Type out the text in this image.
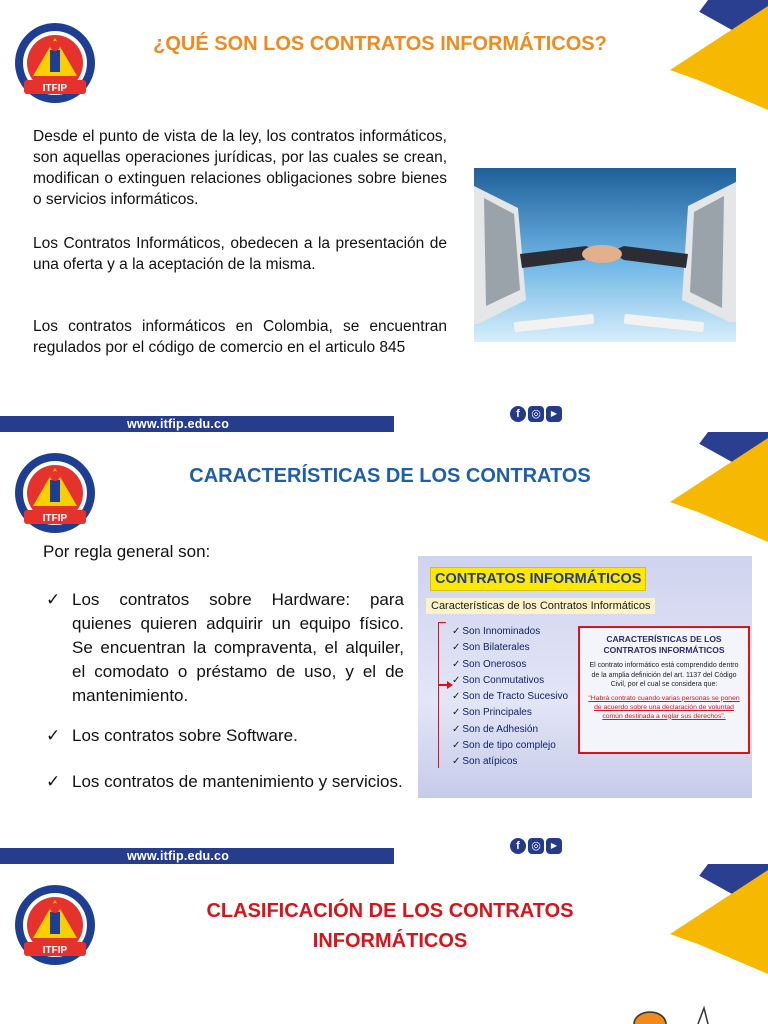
ITFIP
¿QUÉ SON LOS CONTRATOS INFORMÁTICOS?

Desde el punto de vista de la ley, los contratos informáticos, son aquellas operaciones jurídicas, por las cuales se crean, modifican o extinguen relaciones obligaciones sobre bienes o servicios informáticos.

Los Contratos Informáticos, obedecen a la presentación de una oferta y a la aceptación de la misma.

Los contratos informáticos en Colombia, se encuentran regulados por el código de comercio en el articulo 845

www.itfip.edu.co
f	◎	▶
ITFIP
CARACTERÍSTICAS DE LOS CONTRATOS
Por regla general son:
✓ Los contratos sobre Hardware: para quienes quieren adquirir un equipo físico. Se encuentran la compraventa, el alquiler, el comodato o préstamo de uso, y el de mantenimiento.
✓ Los contratos sobre Software.
✓ Los contratos de mantenimiento y servicios.
CONTRATOS INFORMÁTICOS
Características de los Contratos Informáticos
✓ Son Innominados
✓ Son Bilaterales
✓ Son Onerosos
✓ Son Conmutativos
✓ Son de Tracto Sucesivo
✓ Son Principales
✓ Son de Adhesión
✓ Son de tipo complejo
✓ Son atípicos
CARACTERÍSTICAS DE LOS CONTRATOS INFORMÁTICOS
El contrato informático está comprendido dentro de la amplia definición del art. 1137 del Código Civil, por el cual se considera que:
"Habrá contrato cuando varias personas se ponen de acuerdo sobre una declaración de voluntad común destinada a reglar sus derechos".
www.itfip.edu.co
f	◎	▶
ITFIP
CLASIFICACIÓN DE LOS CONTRATOS INFORMÁTICOS
